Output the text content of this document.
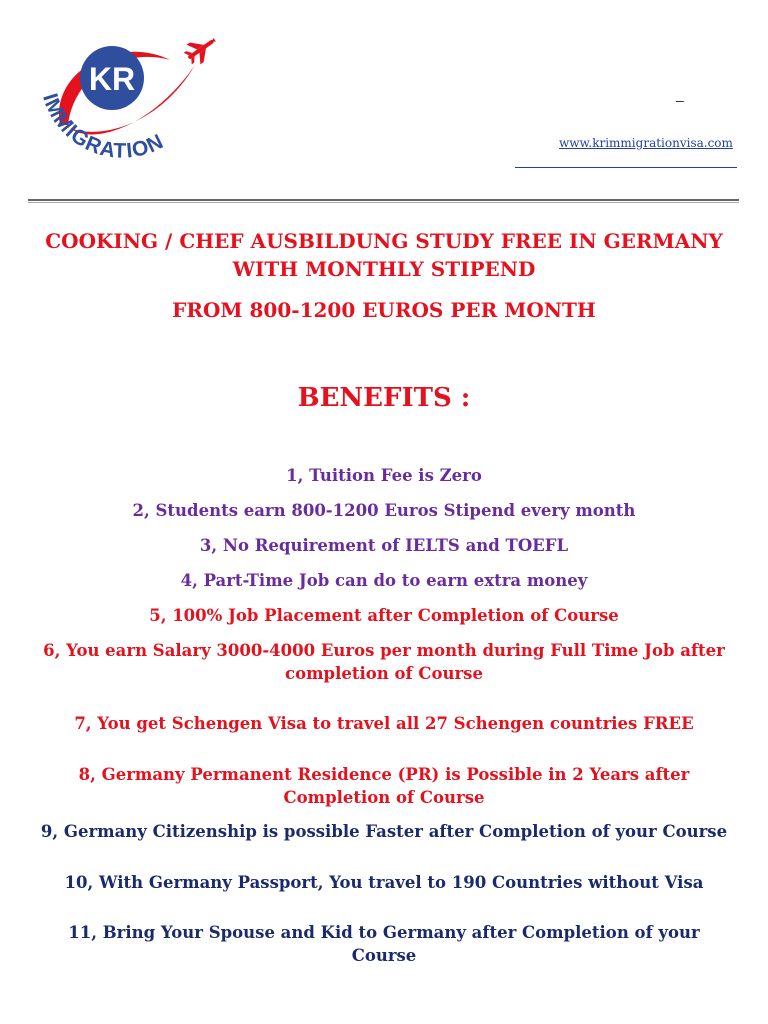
KR
IMMIGRATION
–
www.krimmigrationvisa.com
COOKING / CHEF AUSBILDUNG STUDY FREE IN GERMANY WITH MONTHLY STIPEND
FROM 800-1200 EUROS PER MONTH
BENEFITS :
1, Tuition Fee is Zero
2, Students earn 800-1200 Euros Stipend every month
3, No Requirement of IELTS and TOEFL
4, Part-Time Job can do to earn extra money
5, 100% Job Placement after Completion of Course
6, You earn Salary 3000-4000 Euros per month during Full Time Job after completion of Course
7, You get Schengen Visa to travel all 27 Schengen countries FREE
8, Germany Permanent Residence (PR) is Possible in 2 Years after Completion of Course
9, Germany Citizenship is possible Faster after Completion of your Course
10, With Germany Passport, You travel to 190 Countries without Visa
11, Bring Your Spouse and Kid to Germany after Completion of your Course
